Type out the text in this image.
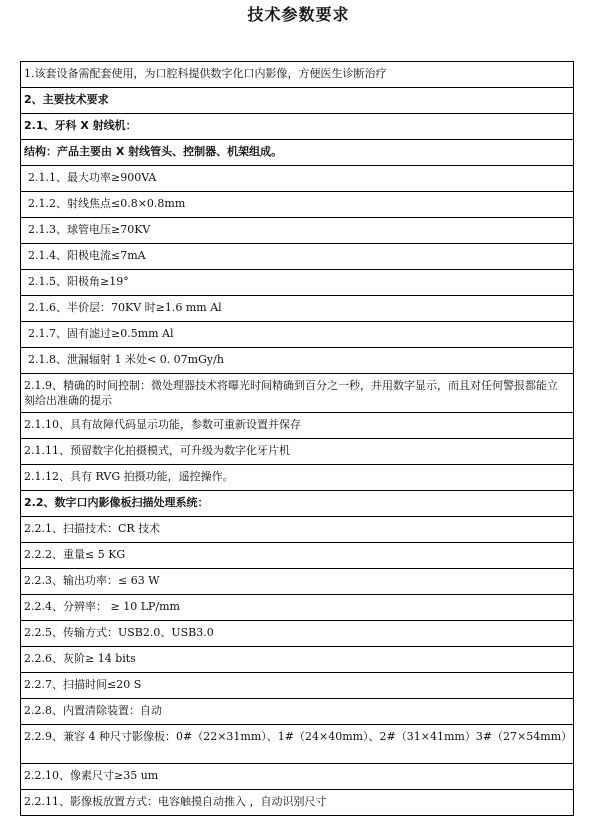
技术参数要求
1.该套设备需配套使用，为口腔科提供数字化口内影像，方便医生诊断治疗
2、主要技术要求
2.1、牙科 X 射线机：
结构：产品主要由 X 射线管头、控制器、机架组成。
2.1.1、最大功率≥900VA
2.1.2、射线焦点≤0.8×0.8mm
2.1.3、球管电压≥70KV
2.1.4、阳极电流≤7mA
2.1.5、阳极角≥19°
2.1.6、半价层：70KV 时≥1.6 mm Al
2.1.7、固有滤过≥0.5mm Al
2.1.8、泄漏辐射 1 米处< 0. 07mGy/h
2.1.9、精确的时间控制：微处理器技术将曝光时间精确到百分之一秒，并用数字显示，而且对任何警报都能立刻给出准确的提示
2.1.10、具有故障代码显示功能，参数可重新设置并保存
2.1.11、预留数字化拍摄模式，可升级为数字化牙片机
2.1.12、具有 RVG 拍摄功能，遥控操作。
2.2、数字口内影像板扫描处理系统：
2.2.1、扫描技术：CR 技术
2.2.2、重量≤ 5 KG
2.2.3、输出功率：≤ 63 W
2.2.4、分辨率： ≥ 10 LP/mm
2.2.5、传输方式：USB2.0、USB3.0
2.2.6、灰阶≥ 14 bits
2.2.7、扫描时间≤20 S
2.2.8、内置清除装置：自动
2.2.9、兼容 4 种尺寸影像板：0#（22×31mm）、1#（24×40mm）、2#（31×41mm）3#（27×54mm）
2.2.10、像素尺寸≥35 um
2.2.11、影像板放置方式：电容触摸自动推入 ，自动识别尺寸
